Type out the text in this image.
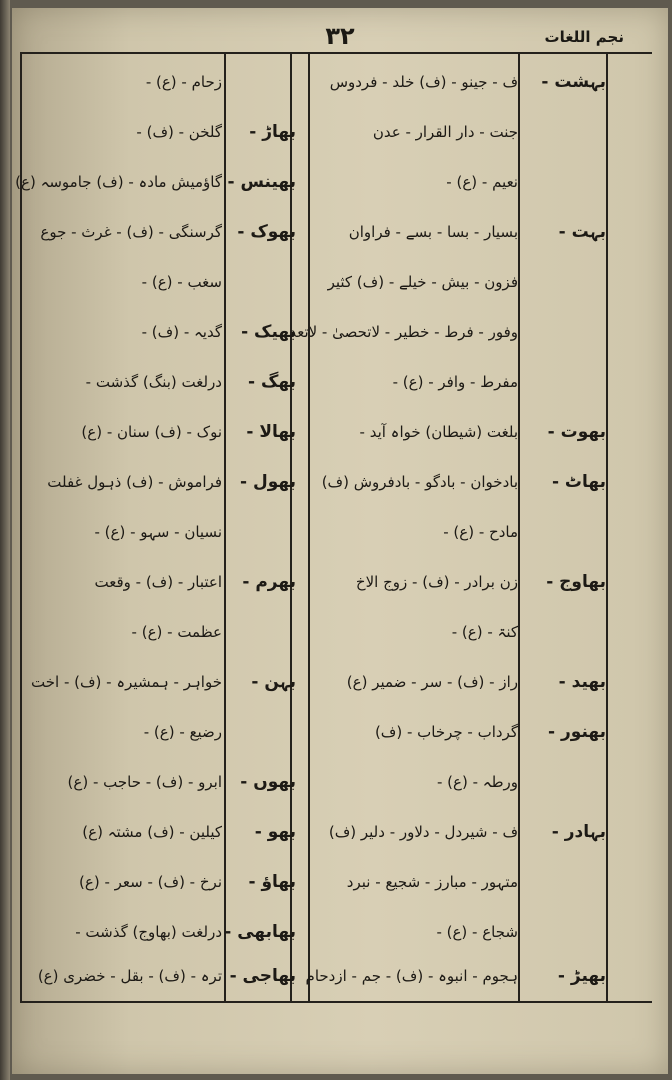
نجم اللغات
۳۲
بہشت -
ف - جینو - (ف) خلد - فردوس
جنت - دار القرار - عدن
نعیم - (ع) -
بہت -
بسیار - بسا - بسے - فراوان
فزون - بیش - خیلے - (ف) کثیر
وفور - فرط - خطیر - لاتحصیٰ - لاتعد
مفرط - وافر - (ع) -
بھوت -
بلغت (شیطان) خواہ آید -
بھاٹ -
بادخوان - بادگو - بادفروش (ف)
مادح - (ع) -
بھاوج -
زن برادر - (ف) - زوج الاخ
کنۃ - (ع) -
بھید -
راز - (ف) - سر - ضمیر (ع)
بھنور -
گرداب - چرخاب - (ف)
ورطہ - (ع) -
بہادر -
ف - شیردل - دلاور - دلیر (ف)
متہور - مبارز - شجیع - نبرد
شجاع - (ع) -
بھیڑ -
ہجوم - انبوہ - (ف) - جم - ازدحام
زحام - (ع) -
بھاڑ -
گلخن - (ف) -
بھینس -
گاؤمیش مادہ - (ف) جاموسہ (ع)
بھوک -
گرسنگی - (ف) - غرث - جوع
سغب - (ع) -
بھیک -
گدیہ - (ف) -
بھگ -
درلغت (بنگ) گذشت -
بھالا -
نوک - (ف) سنان - (ع)
بھول -
فراموش - (ف) ذہول غفلت
نسیان - سہو - (ع) -
بھرم -
اعتبار - (ف) - وقعت
عظمت - (ع) -
بہن -
خواہر - ہمشیرہ - (ف) - اخت
رضیع - (ع) -
بھوں -
ابرو - (ف) - حاجب - (ع)
بھو -
کیلین - (ف) مشتہ (ع)
بھاؤ -
نرخ - (ف) - سعر - (ع)
بھابھی -
درلغت (بھاوج) گذشت -
بھاجی -
ترہ - (ف) - بقل - خضری (ع)
